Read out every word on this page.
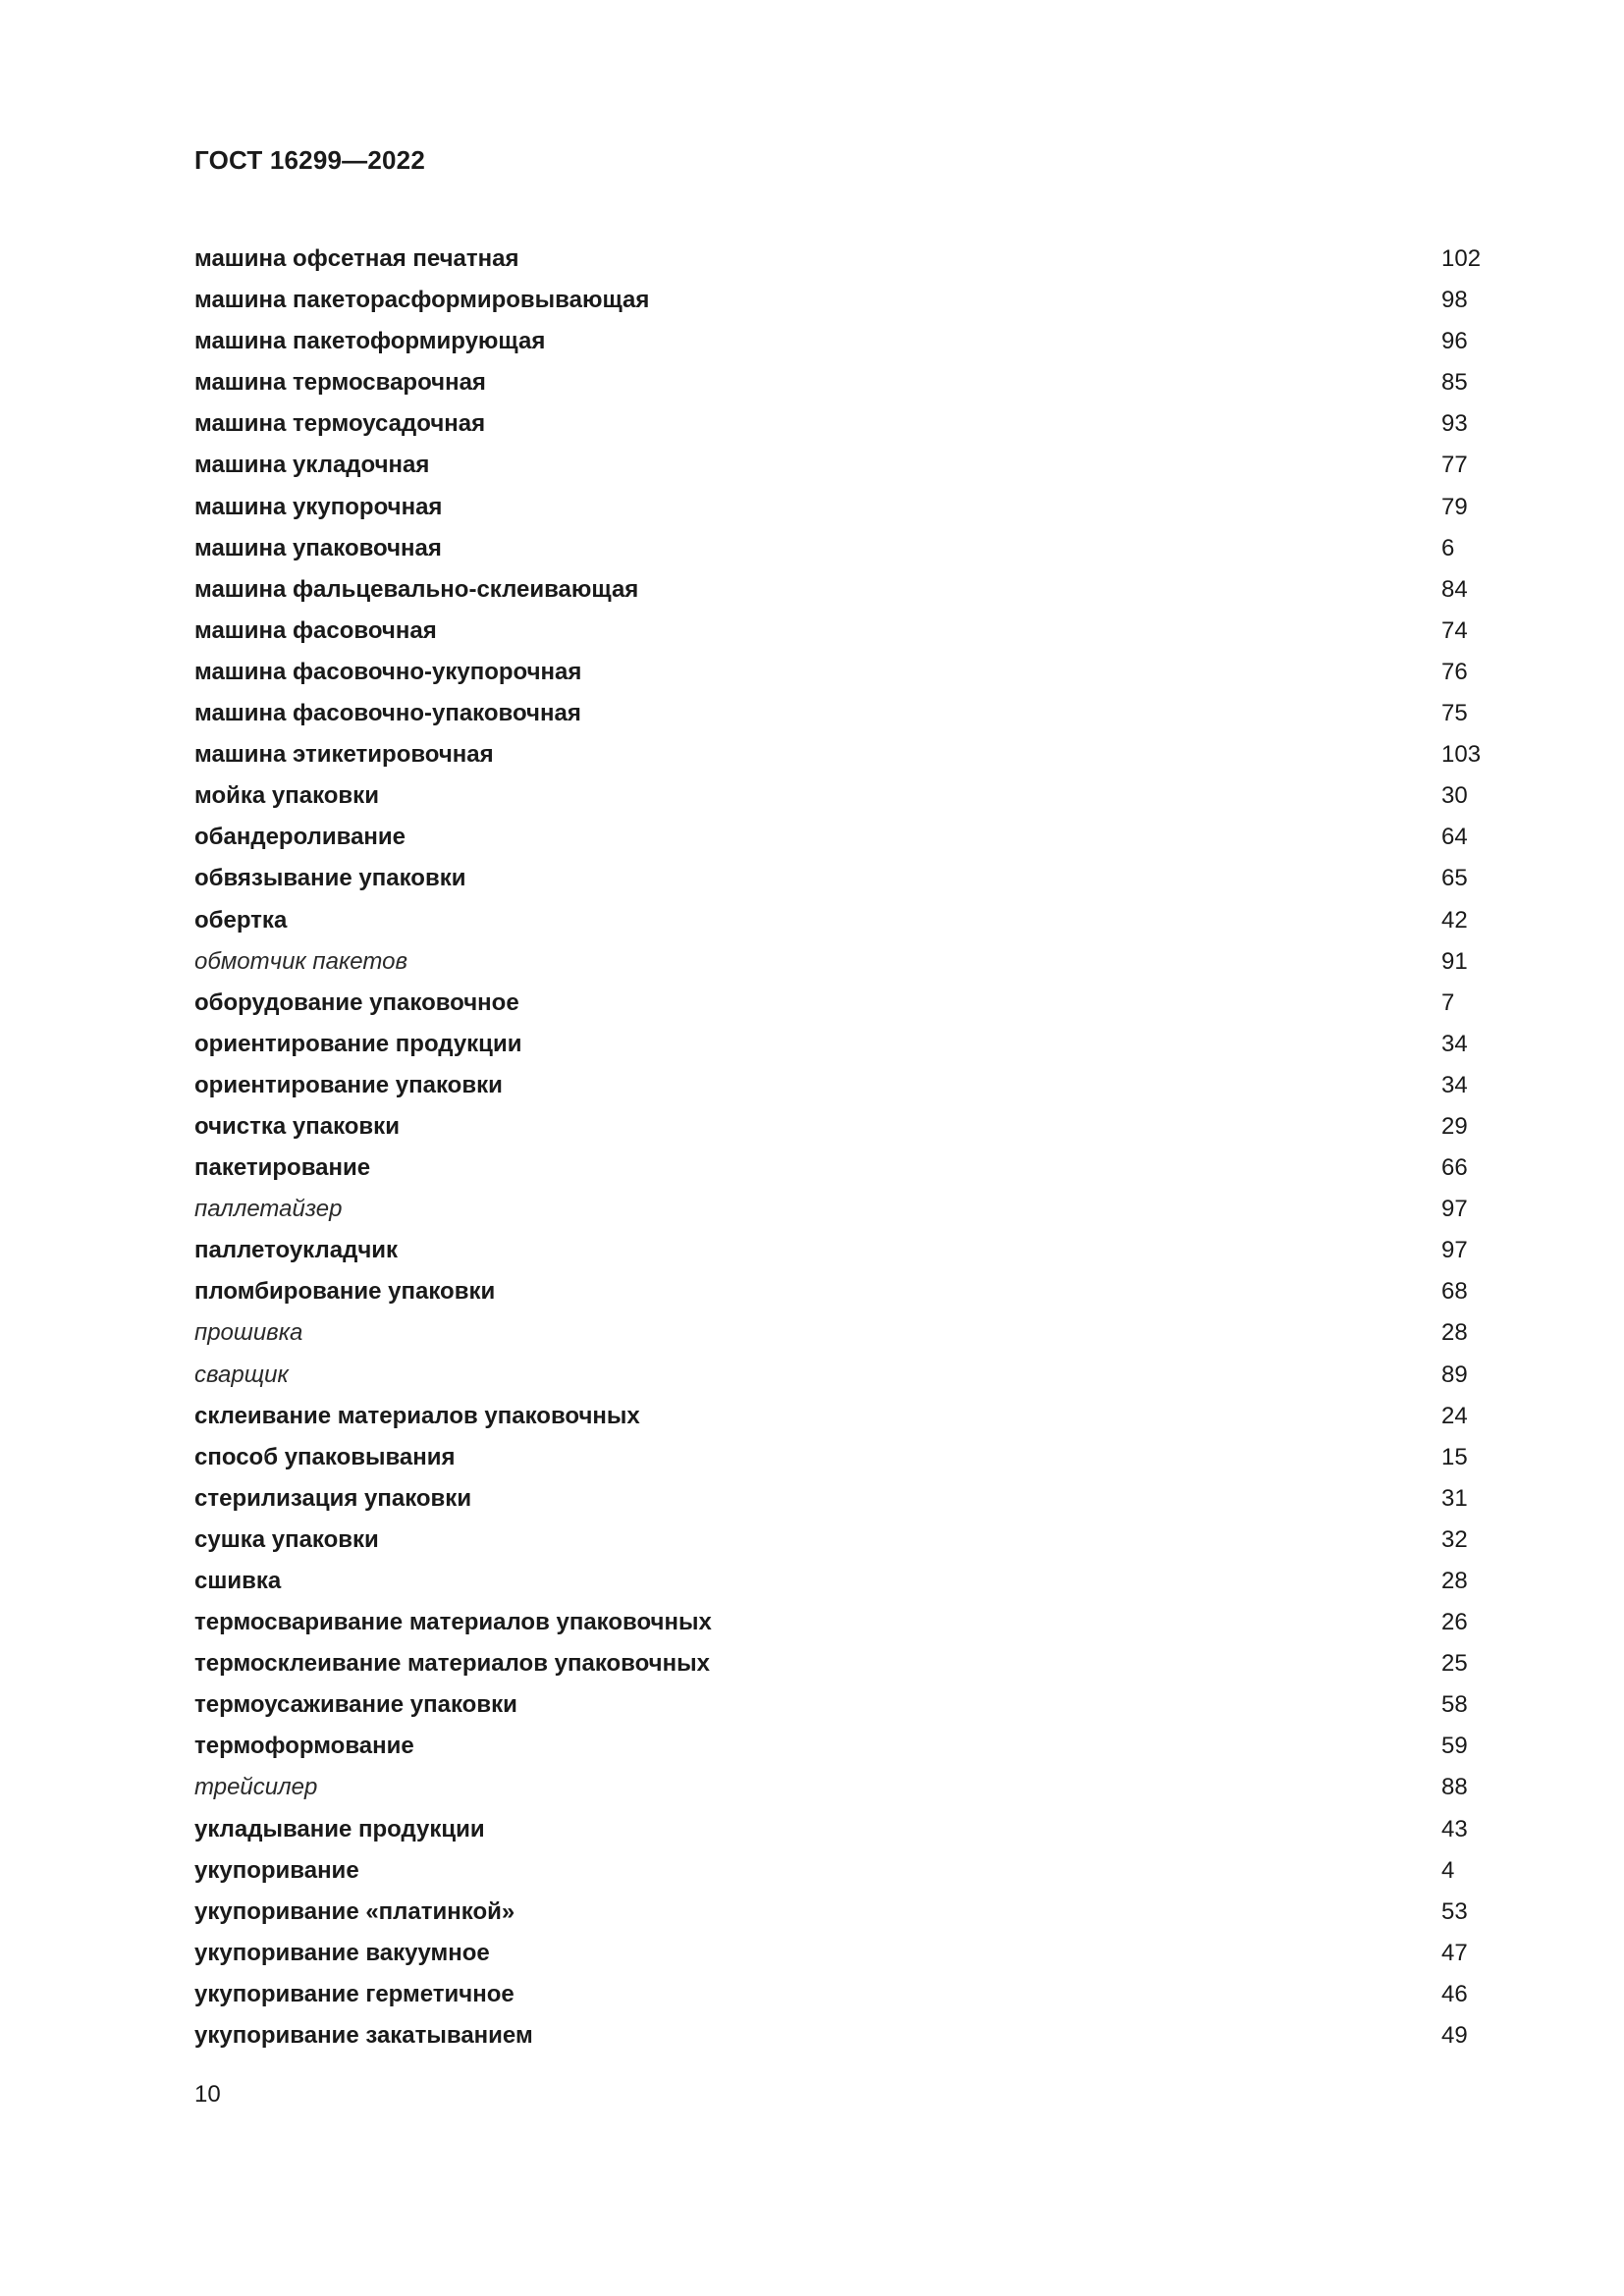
ГОСТ 16299—2022
машина офсетная печатная	102
машина пакеторасформировывающая	98
машина пакетоформирующая	96
машина термосварочная	85
машина термоусадочная	93
машина укладочная	77
машина укупорочная	79
машина упаковочная	6
машина фальцевально-склеивающая	84
машина фасовочная	74
машина фасовочно-укупорочная	76
машина фасовочно-упаковочная	75
машина этикетировочная	103
мойка упаковки	30
обандероливание	64
обвязывание упаковки	65
обертка	42
обмотчик пакетов	91
оборудование упаковочное	7
ориентирование продукции	34
ориентирование упаковки	34
очистка упаковки	29
пакетирование	66
паллетайзер	97
паллетоукладчик	97
пломбирование упаковки	68
прошивка	28
сварщик	89
склеивание материалов упаковочных	24
способ упаковывания	15
стерилизация упаковки	31
сушка упаковки	32
сшивка	28
термосваривание материалов упаковочных	26
термосклеивание материалов упаковочных	25
термоусаживание упаковки	58
термоформование	59
трейсилер	88
укладывание продукции	43
укупоривание	4
укупоривание «платинкой»	53
укупоривание вакуумное	47
укупоривание герметичное	46
укупоривание закатыванием	49
10
